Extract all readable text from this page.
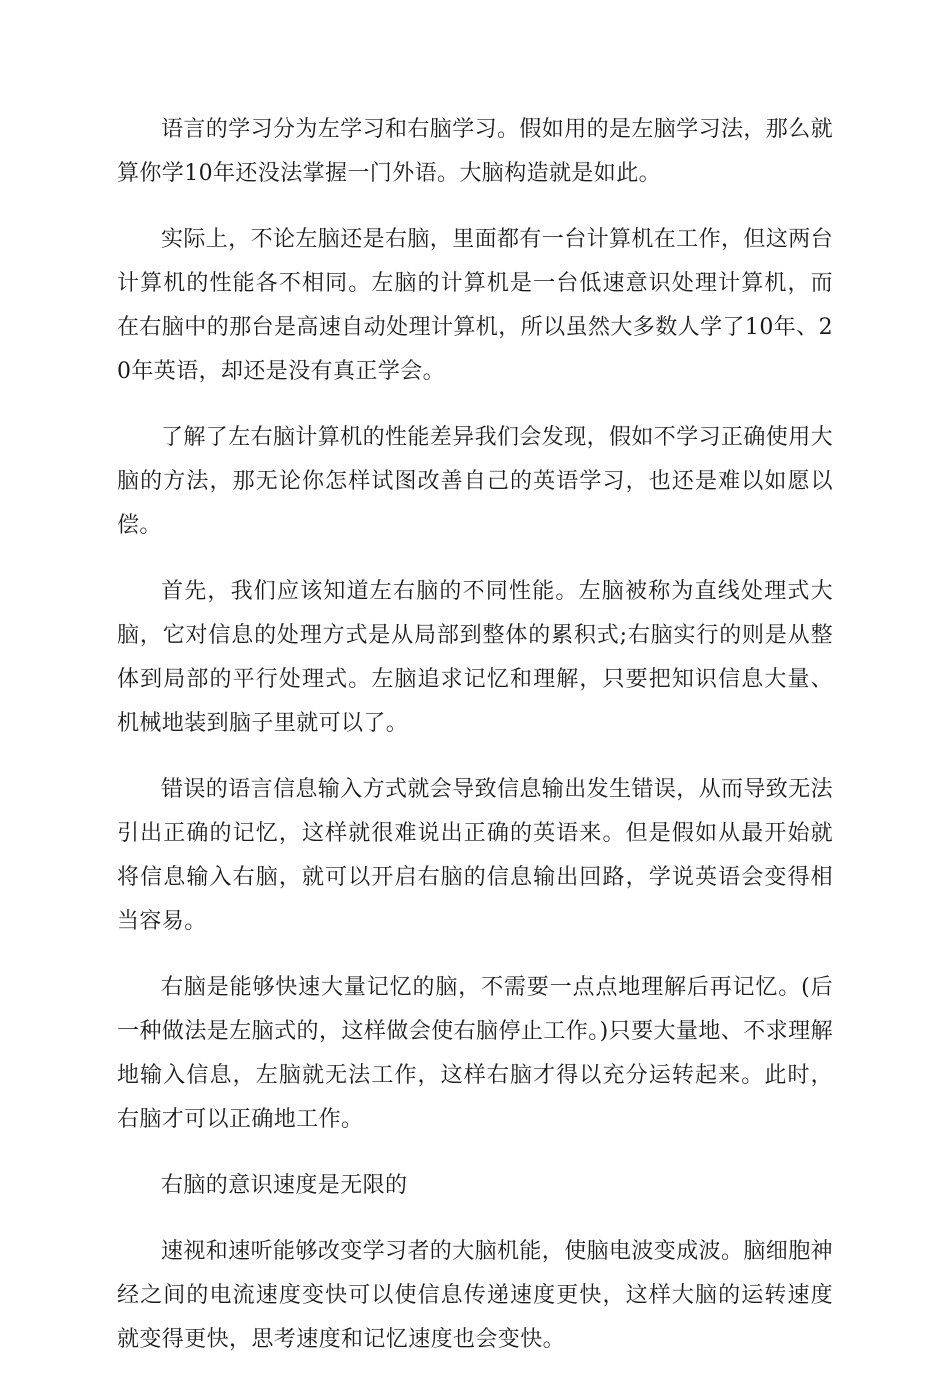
语言的学习分为左学习和右脑学习。假如用的是左脑学习法，那么就算你学10年还没法掌握一门外语。大脑构造就是如此。

实际上，不论左脑还是右脑，里面都有一台计算机在工作，但这两台计算机的性能各不相同。左脑的计算机是一台低速意识处理计算机，而在右脑中的那台是高速自动处理计算机，所以虽然大多数人学了10年、20年英语，却还是没有真正学会。

了解了左右脑计算机的性能差异我们会发现，假如不学习正确使用大脑的方法，那无论你怎样试图改善自己的英语学习，也还是难以如愿以偿。

首先，我们应该知道左右脑的不同性能。左脑被称为直线处理式大脑，它对信息的处理方式是从局部到整体的累积式;右脑实行的则是从整体到局部的平行处理式。左脑追求记忆和理解，只要把知识信息大量、机械地装到脑子里就可以了。

错误的语言信息输入方式就会导致信息输出发生错误，从而导致无法引出正确的记忆，这样就很难说出正确的英语来。但是假如从最开始就将信息输入右脑，就可以开启右脑的信息输出回路，学说英语会变得相当容易。

右脑是能够快速大量记忆的脑，不需要一点点地理解后再记忆。(后一种做法是左脑式的，这样做会使右脑停止工作。)只要大量地、不求理解地输入信息，左脑就无法工作，这样右脑才得以充分运转起来。此时，右脑才可以正确地工作。

右脑的意识速度是无限的

速视和速听能够改变学习者的大脑机能，使脑电波变成波。脑细胞神经之间的电流速度变快可以使信息传递速度更快，这样大脑的运转速度就变得更快，思考速度和记忆速度也会变快。
